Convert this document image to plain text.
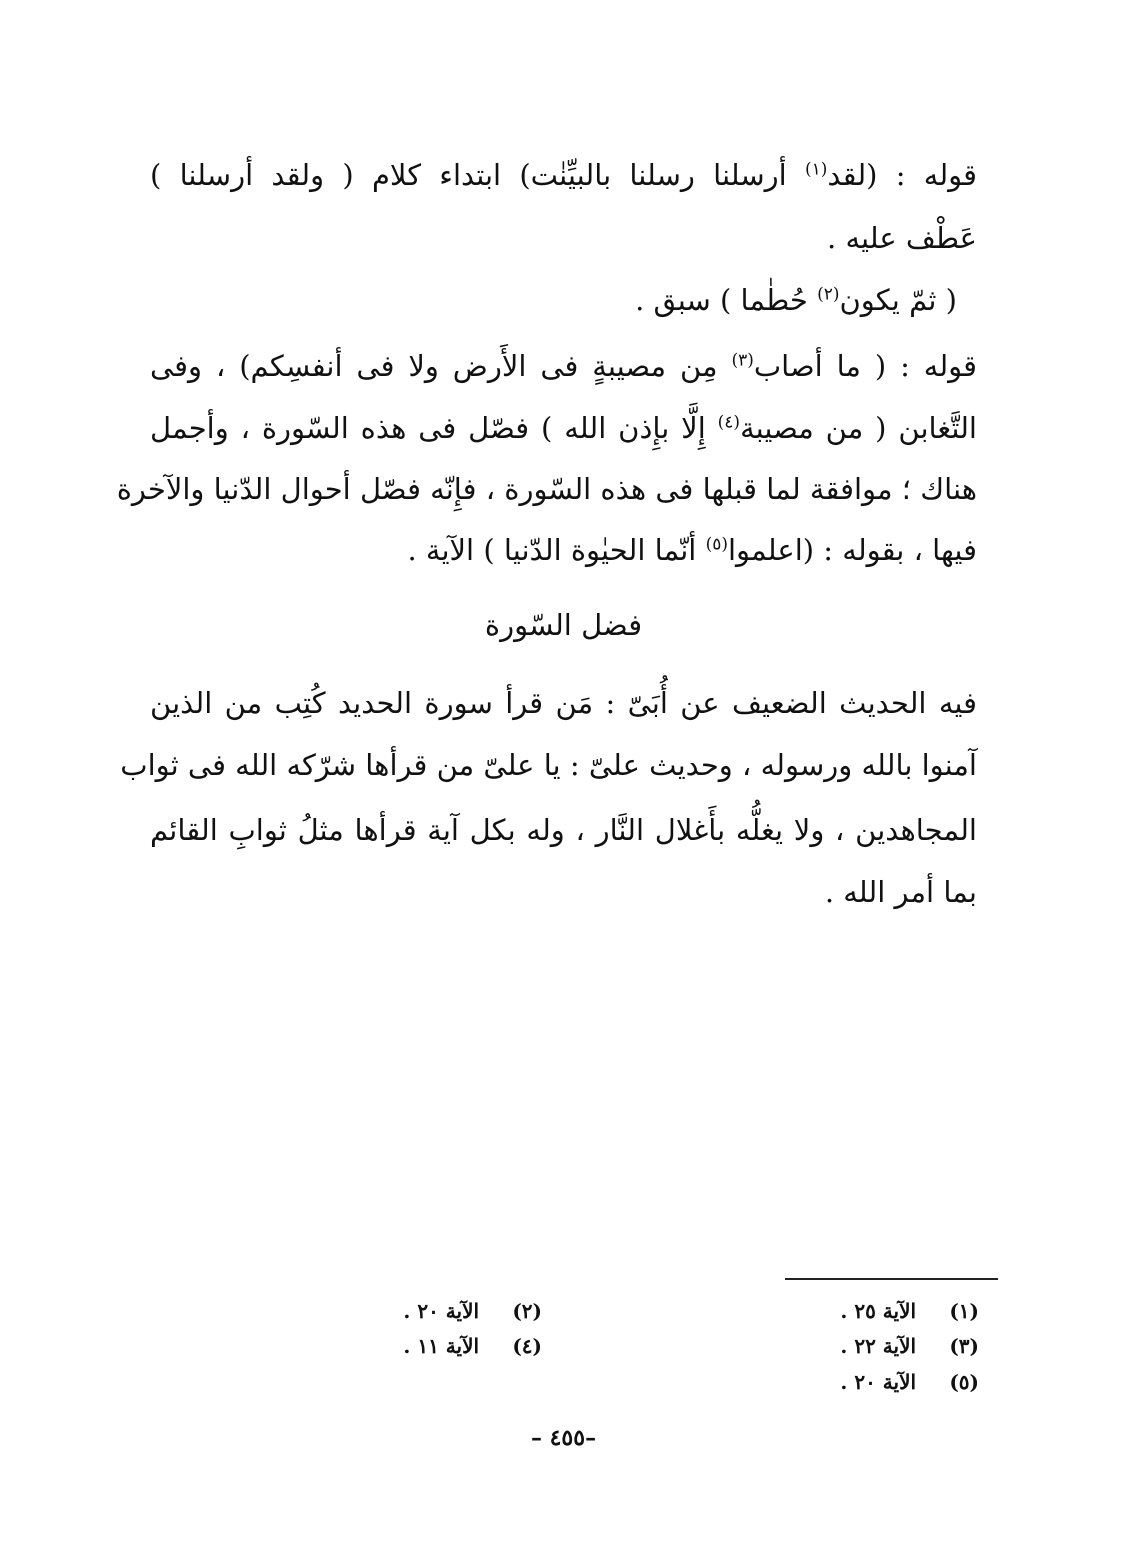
قوله : (لقد$^{(١)}$ أرسلنا رسلنا بالبيِّنٰت) ابتداء كلام ( ولقد أرسلنا )

عَطْف عليه .

( ثمّ يكون$^{(٢)}$ حُطٰما ) سبق .

قوله : ( ما أصاب$^{(٣)}$ مِن مصيبةٍ فى الأَرض ولا فى أنفسِكم) ، وفى

التَّغابن ( من مصيبة$^{(٤)}$ إِلَّا بإِذن الله ) فصّل فى هذه السّورة ، وأجمل

هناك ؛ موافقة لما قبلها فى هذه السّورة ، فإِنّه فصّل أحوال الدّنيا والآخرة

فيها ، بقوله : (اعلموا$^{(٥)}$ أنّما الحيٰوة الدّنيا ) الآية .

فضل السّورة

فيه الحديث الضعيف عن أُبَىّ : مَن قرأ سورة الحديد كُتِب من الذين

آمنوا بالله ورسوله ، وحديث علىّ : يا علىّ من قرأها شرّكه الله فى ثواب

المجاهدين ، ولا يغلُّه بأَغلال النَّار ، وله بكل آية قرأها مثلُ ثوابِ القائم

بما أمر الله .

(١) الآية ٢٥ .
(٣) الآية ٢٢ .
(٥) الآية ٢٠ .
(٢) الآية ٢٠ .
(٤) الآية ١١ .
–٤٥٥ –
